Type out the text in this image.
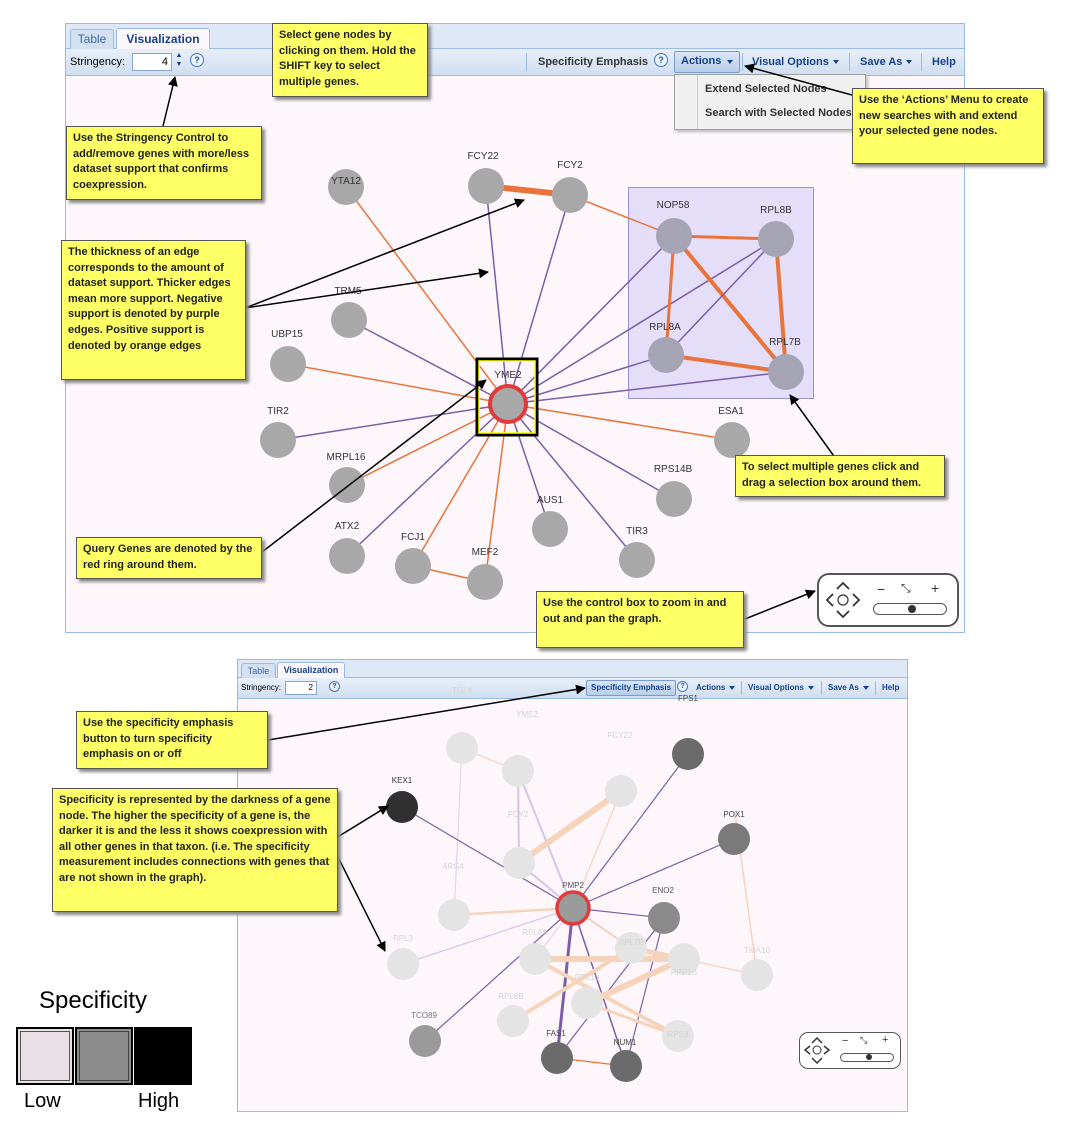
Table	Visualization
Stringency:	4
▲
▼	?	Specificity Emphasis	?	Actions	Visual Options	Save As	Help
YTA12
FCY22
FCY2
NOP58	RPL8B
TRM5
UBP15
RPL8A
RPL7B
YME2
TIR2	ESA1
MRPL16
RPS14B
AUS1
ATX2
FCJ1
MEF2
TIR3
Extend Selected Nodes
Search with Selected Nodes
− ⤡ +
Table	Visualization
Stringency:	2	?	Specificity Emphasis	?	Actions	Visual Options	Save As	Help
TGL4
YME2
FCY22
FPS1
KEX1
FCY2	POX1
ARG4
PMP2
ENO2
RPL8A
RPL7B
TMA10
RPL13
RPP1B
RPL8B
RPL3
TCO89
FAS1
NUM1
RPS3
− ⤡ +
Select gene nodes by clicking on them. Hold the SHIFT key to select multiple genes.
Use the Stringency Control to add/remove genes with more/less dataset support that confirms coexpression.
Use the ‘Actions’ Menu to create new searches with and extend your selected gene nodes.
The thickness of an edge corresponds to the amount of dataset support. Thicker edges mean more support. Negative support is denoted by purple edges. Positive support is denoted by orange edges
To select multiple genes click and drag a selection box around them.
Query Genes are denoted by the red ring around them.
Use the control box to zoom in and out and pan the graph.
Use the specificity emphasis button to turn specificity emphasis on or off
Specificity is represented by the darkness of a gene node. The higher the specificity of a gene is, the darker it is and the less it shows coexpression with all other genes in that taxon. (i.e. The specificity measurement includes connections with genes that are not shown in the graph).
Specificity
Low	High
